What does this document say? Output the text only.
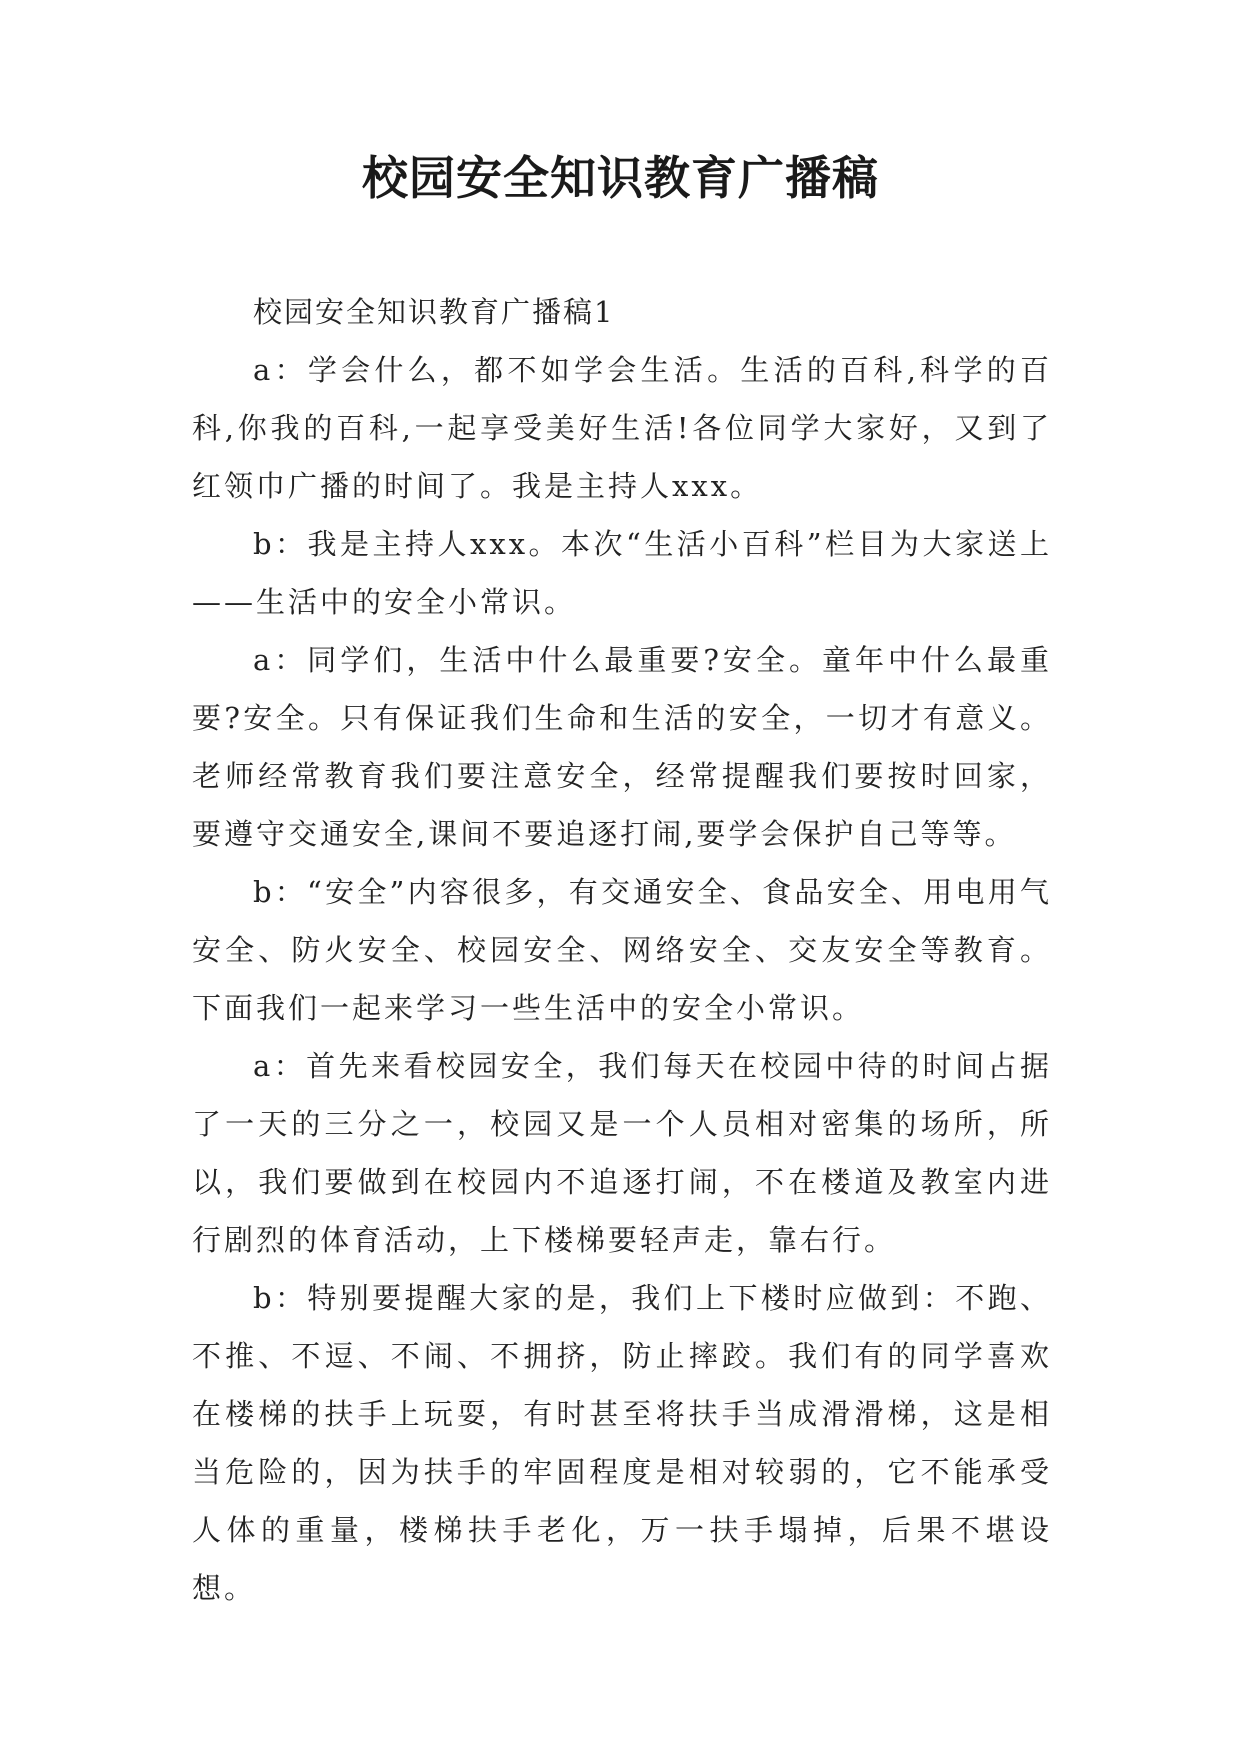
校园安全知识教育广播稿

校园安全知识教育广播稿1

a：学会什么，都不如学会生活。生活的百科,科学的百科,你我的百科,一起享受美好生活!各位同学大家好，又到了红领巾广播的时间了。我是主持人xxx。

b：我是主持人xxx。本次“生活小百科”栏目为大家送上——生活中的安全小常识。

a：同学们，生活中什么最重要?安全。童年中什么最重要?安全。只有保证我们生命和生活的安全，一切才有意义。老师经常教育我们要注意安全，经常提醒我们要按时回家，要遵守交通安全,课间不要追逐打闹,要学会保护自己等等。

b：“安全”内容很多，有交通安全、食品安全、用电用气安全、防火安全、校园安全、网络安全、交友安全等教育。下面我们一起来学习一些生活中的安全小常识。

a：首先来看校园安全，我们每天在校园中待的时间占据了一天的三分之一，校园又是一个人员相对密集的场所，所以，我们要做到在校园内不追逐打闹，不在楼道及教室内进行剧烈的体育活动，上下楼梯要轻声走，靠右行。

b：特别要提醒大家的是，我们上下楼时应做到：不跑、不推、不逗、不闹、不拥挤，防止摔跤。我们有的同学喜欢在楼梯的扶手上玩耍，有时甚至将扶手当成滑滑梯，这是相当危险的，因为扶手的牢固程度是相对较弱的，它不能承受人体的重量，楼梯扶手老化，万一扶手塌掉，后果不堪设想。
